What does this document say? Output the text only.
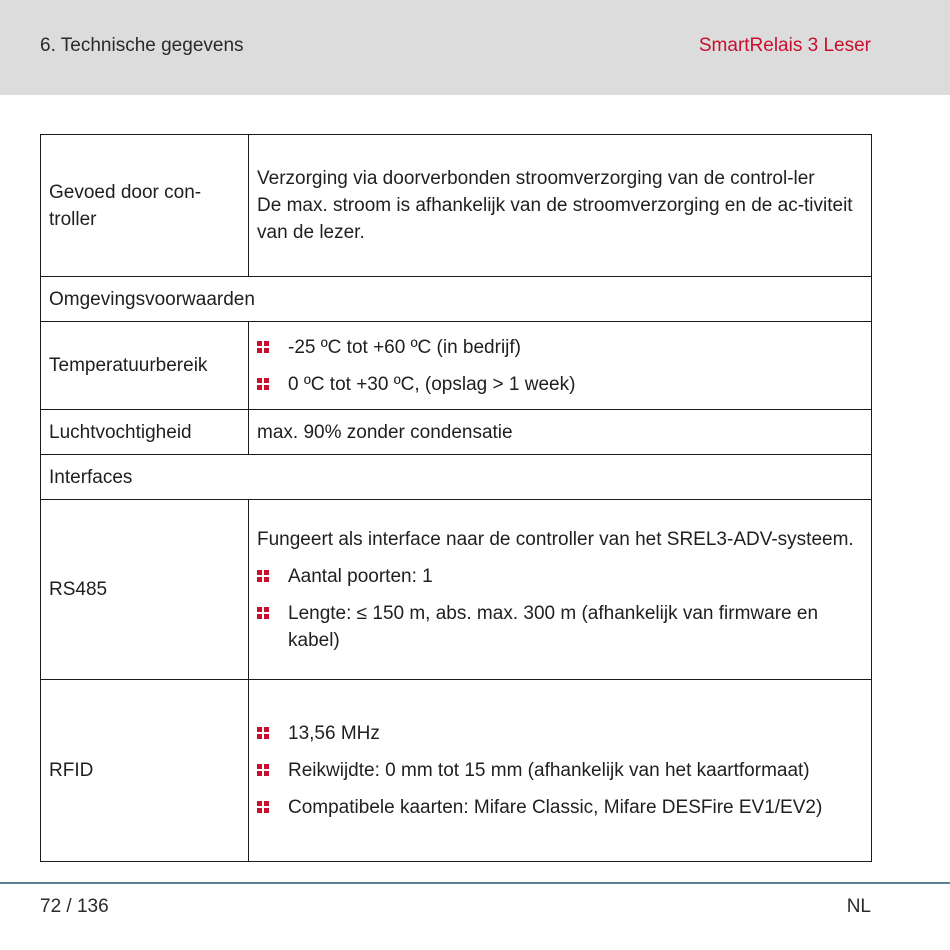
6. Technische gegevens	SmartRelais 3 Leser
Gevoed door con-troller	Verzorging via doorverbonden stroomverzorging van de control-ler

De max. stroom is afhankelijk van de stroomverzorging en de ac-tiviteit van de lezer.

Omgevingsvoorwaarden	
Temperatuurbereik	-25 ºC tot +60 ºC (in bedrijf)
0 ºC tot +30 ºC, (opslag > 1 week)

Luchtvochtigheid	max. 90% zonder condensatie
Interfaces	
RS485	Fungeert als interface naar de controller van het SREL3-ADV-systeem.

Aantal poorten: 1
Lengte: ≤ 150 m, abs. max. 300 m (afhankelijk van firmware en kabel)

RFID	13,56 MHz
Reikwijdte: 0 mm tot 15 mm (afhankelijk van het kaartformaat)
Compatibele kaarten: Mifare Classic, Mifare DESFire EV1/EV2)
72 / 136	NL
